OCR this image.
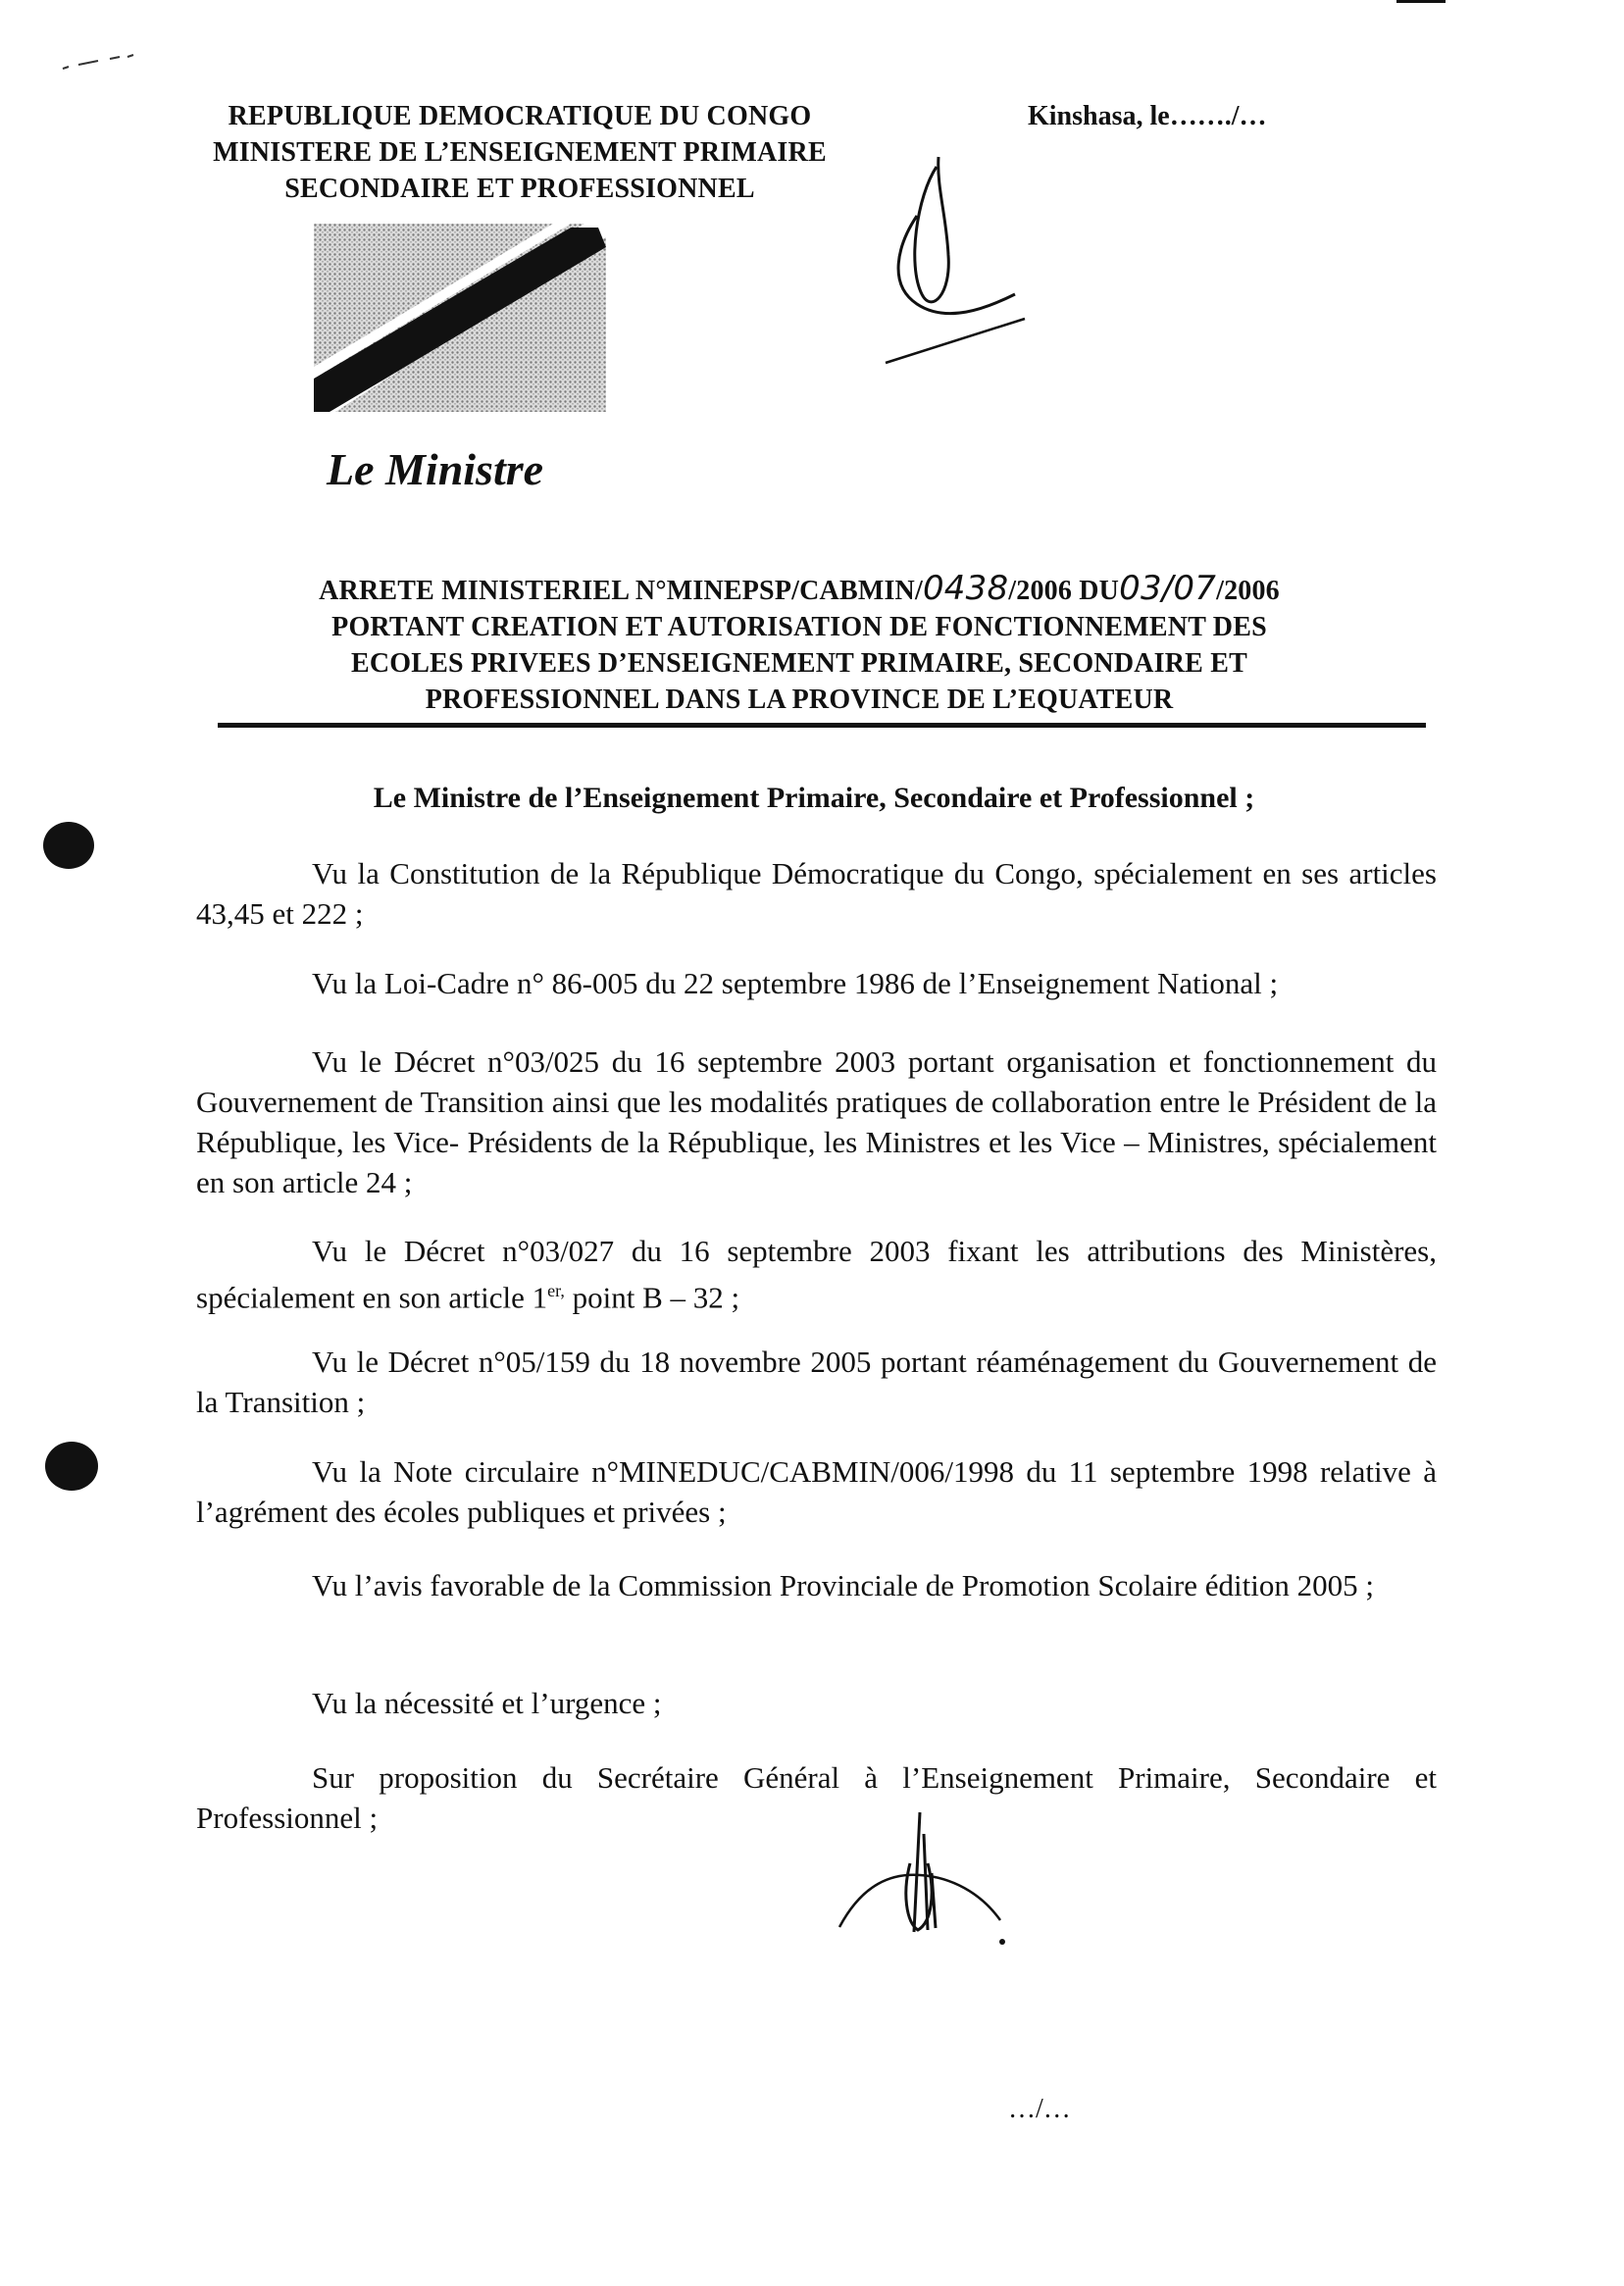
REPUBLIQUE DEMOCRATIQUE DU CONGO
MINISTERE DE L’ENSEIGNEMENT PRIMAIRE
SECONDAIRE ET PROFESSIONNEL
Kinshasa, le……./…
Le Ministre
ARRETE MINISTERIEL N°MINEPSP/CABMIN/0438/2006 DU03/07/2006
PORTANT CREATION ET AUTORISATION DE FONCTIONNEMENT DES
ECOLES PRIVEES D’ENSEIGNEMENT PRIMAIRE, SECONDAIRE ET
PROFESSIONNEL DANS LA PROVINCE DE L’EQUATEUR
Le Ministre de l’Enseignement Primaire, Secondaire et Professionnel ;
Vu la Constitution de la République Démocratique du Congo, spécialement en ses articles 43,45 et 222 ;
Vu la Loi-Cadre n° 86-005 du 22 septembre 1986 de l’Enseignement National ;
Vu le Décret n°03/025 du 16 septembre 2003 portant organisation et fonctionnement du Gouvernement de Transition ainsi que les modalités pratiques de collaboration entre le Président de la République, les Vice- Présidents de la République, les Ministres et les Vice – Ministres, spécialement en son article 24 ;
Vu le Décret n°03/027 du 16 septembre 2003 fixant les attributions des Ministères, spécialement en son article $1^{er,}$ point B – 32 ;
Vu le Décret n°05/159 du 18 novembre 2005 portant réaménagement du Gouvernement de la Transition ;
Vu la Note circulaire n°MINEDUC/CABMIN/006/1998 du 11 septembre 1998 relative à l’agrément des écoles publiques et privées ;
Vu l’avis favorable de la Commission Provinciale de Promotion Scolaire édition 2005 ;
Vu la nécessité et l’urgence ;
Sur proposition du Secrétaire Général à l’Enseignement Primaire, Secondaire et Professionnel ;
…/…
